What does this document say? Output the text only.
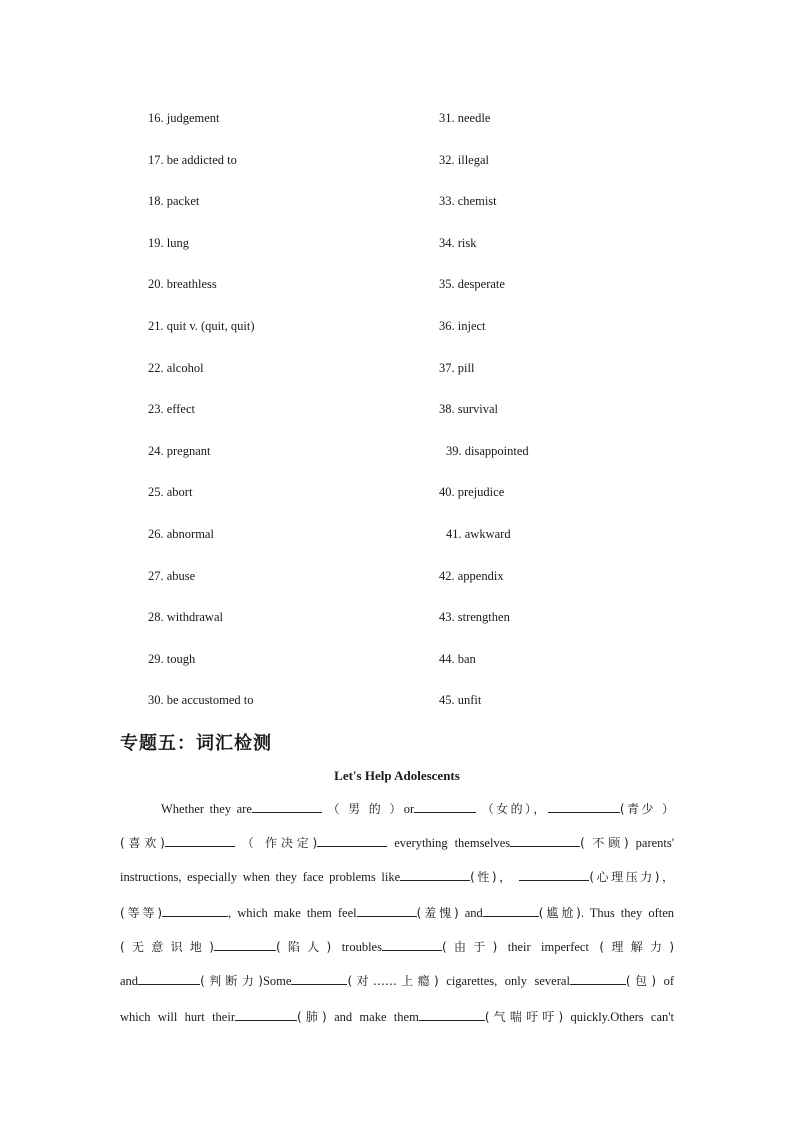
16. judgement	31. needle
17. be addicted to	32. illegal
18. packet	33. chemist
19. lung	34. risk
20. breathless	35. desperate
21. quit v. (quit, quit)	36. inject
22. alcohol	37. pill
23. effect	38. survival
24. pregnant	39. disappointed
25. abort	40. prejudice
26. abnormal	41. awkward
27. abuse	42. appendix
28. withdrawal	43. strengthen
29. tough	44. ban
30. be accustomed to	45. unfit
专题五：词汇检测
Let's Help Adolescents
Whether they are	（ 男 的 ）or	（女的），	(青少 ）
(喜欢)	（ 作决定)	everything themselves	( 不顾) parents'
instructions, especially when they face problems like	(性)，	(心理压力)，
(等等)	, which make them feel	(羞愧) and	(尴尬). Thus they often
(无意识地)	(陷人) troubles	(由于) their imperfect (理解力)
and	(判断力)Some	(对……上瘾) cigarettes, only several	(包) of
which will hurt their	(肺) and make them	(气喘吁吁) quickly.Others can't
